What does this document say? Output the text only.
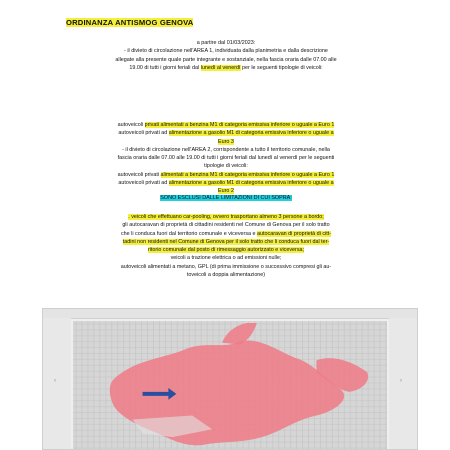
ORDINANZA ANTISMOG GENOVA
a partire dal 01/03/2023:
- il divieto di circolazione nell'AREA 1, individuata dalla planimetria e dalla descrizione
allegate alla presente quale parte integrante e sostanziale, nella fascia oraria dalle 07.00 alle
19.00 di tutti i giorni feriali dal lunedì al venerdì per le seguenti tipologie di veicoli:
autoveicoli privati alimentati a benzina M1 di categoria emissiva inferiore o uguale a Euro 1
autoveicoli privati ad alimentazione a gasolio M1 di categoria emissiva inferiore o uguale a
Euro 3
- il divieto di circolazione nell'AREA 2, corrispondente a tutto il territorio comunale, nella
fascia oraria dalle 07.00 alle 19.00 di tutti i giorni feriali dal lunedì al venerdì per le seguenti
tipologie di veicoli:
autoveicoli privati alimentati a benzina M1 di categoria emissiva inferiore o uguale a Euro 1
autoveicoli privati ad alimentazione a gasolio M1 di categoria emissiva inferiore o uguale a
Euro 2
SONO ESCLUSI DALLE LIMITAZIONI DI CUI SOPRA:
. veicoli che effettuano car-pooling, ovvero trasportano almeno 3 persone a bordo;
gli autocaravan di proprietà di cittadini residenti nel Comune di Genova per il solo tratto
che li conduca fuori dal territorio comunale e viceversa e autocaravan di proprietà di citt-
tadini non residenti nel Comune di Genova per il solo tratto che li conduca fuori dal ter-
ritorio comunale dal posto di rimessaggio autorizzato e viceversa;
veicoli a trazione elettrica o ad emissioni nulle;
autoveicoli alimentati a metano, GPL (di prima immissione o successivo compresi gli au-
toveicoli a doppia alimentazione)
‹	›
